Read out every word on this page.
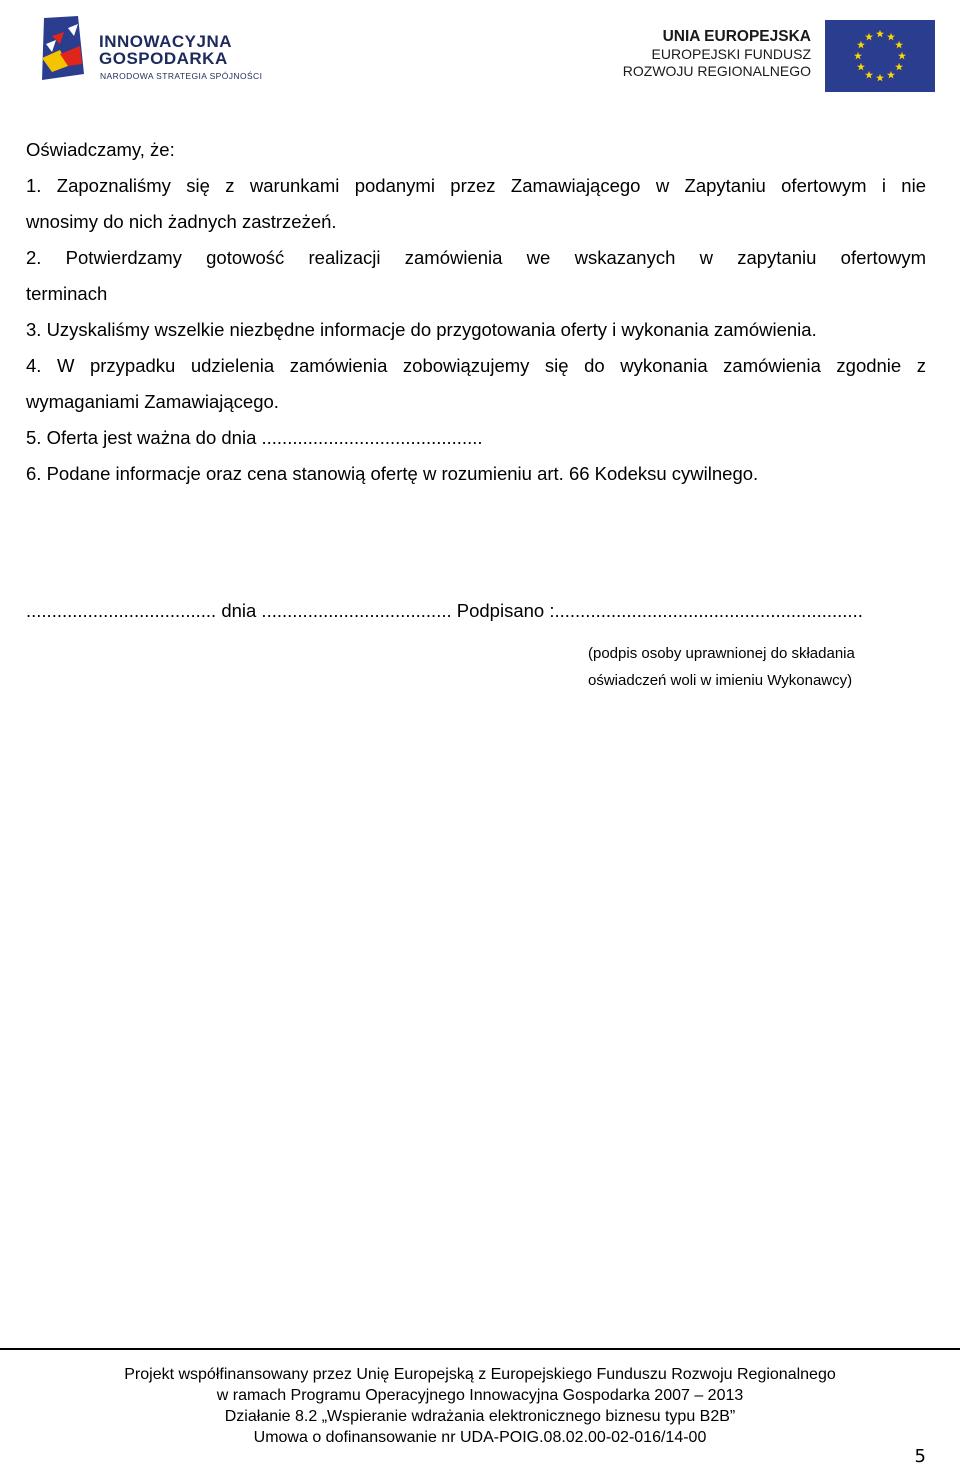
INNOWACYJNA
GOSPODARKA
NARODOWA STRATEGIA SPÓJNOŚCI
UNIA EUROPEJSKA
EUROPEJSKI FUNDUSZ
ROZWOJU REGIONALNEGO
Oświadczamy, że:
1. Zapoznaliśmy się z warunkami podanymi przez Zamawiającego w Zapytaniu ofertowym i nie
wnosimy do nich żadnych zastrzeżeń.
2. Potwierdzamy gotowość realizacji zamówienia we wskazanych w zapytaniu ofertowym
terminach
3. Uzyskaliśmy wszelkie niezbędne informacje do przygotowania oferty i wykonania zamówienia.
4. W przypadku udzielenia zamówienia zobowiązujemy się do wykonania zamówienia zgodnie z
wymaganiami Zamawiającego.
5. Oferta jest ważna do dnia ...........................................
6. Podane informacje oraz cena stanowią ofertę w rozumieniu art. 66 Kodeksu cywilnego.
..................................... dnia ..................................... Podpisano :............................................................
(podpis osoby uprawnionej do składania
oświadczeń woli w imieniu Wykonawcy)
Projekt współfinansowany przez Unię Europejską z Europejskiego Funduszu Rozwoju Regionalnego
w ramach Programu Operacyjnego Innowacyjna Gospodarka 2007 – 2013
Działanie 8.2 „Wspieranie wdrażania elektronicznego biznesu typu B2B”
Umowa o dofinansowanie nr UDA-POIG.08.02.00-02-016/14-00
5
